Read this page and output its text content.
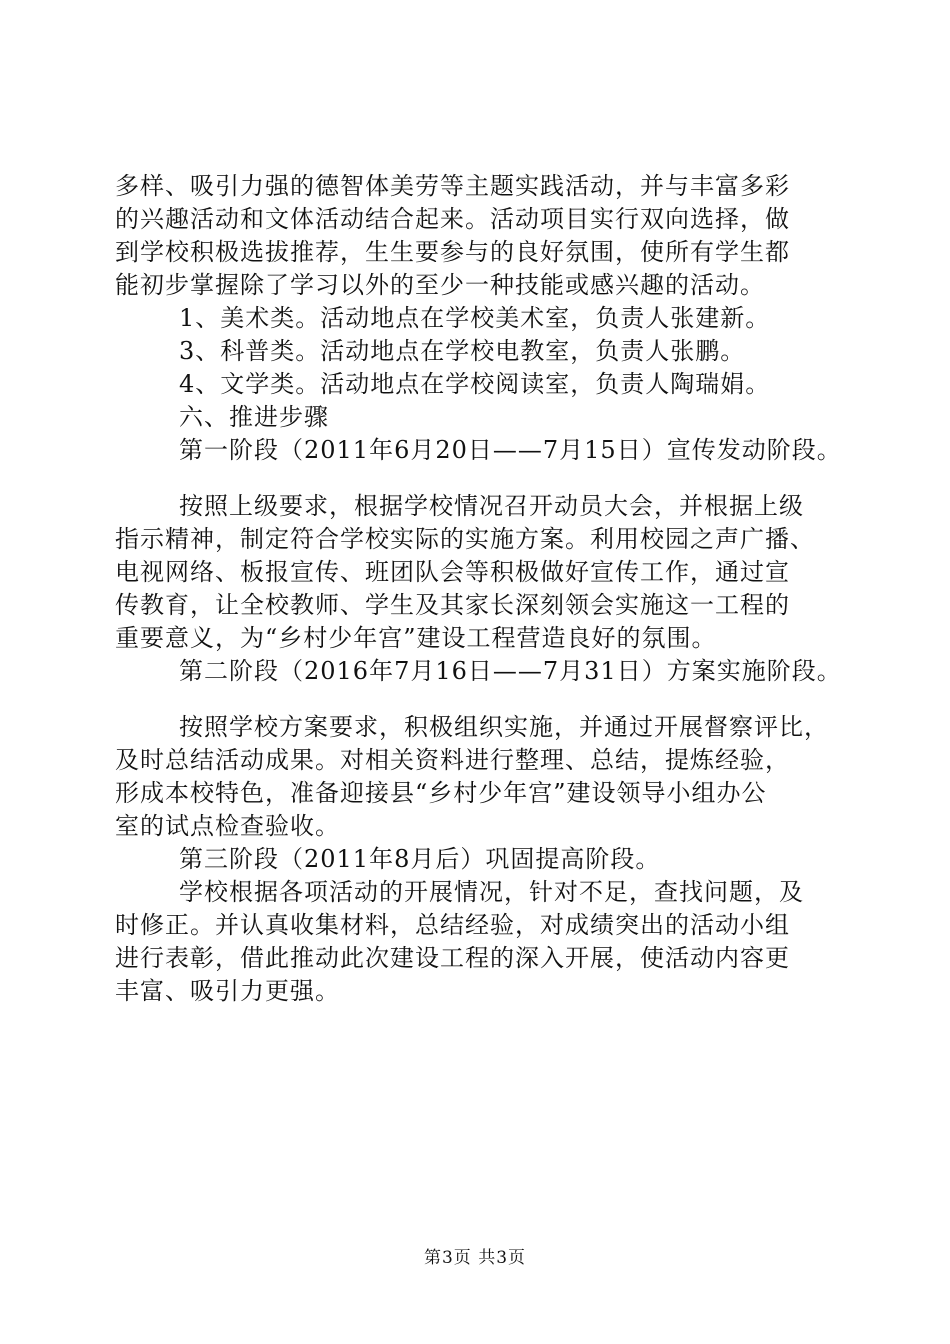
多样、吸引力强的德智体美劳等主题实践活动，并与丰富多彩
的兴趣活动和文体活动结合起来。活动项目实行双向选择，做
到学校积极选拔推荐，生生要参与的良好氛围，使所有学生都
能初步掌握除了学习以外的至少一种技能或感兴趣的活动。
1、美术类。活动地点在学校美术室，负责人张建新。
3、科普类。活动地点在学校电教室，负责人张鹏。
4、文学类。活动地点在学校阅读室，负责人陶瑞娟。
六、推进步骤
第一阶段（2011年6月20日——7月15日）宣传发动阶段。
按照上级要求，根据学校情况召开动员大会，并根据上级
指示精神，制定符合学校实际的实施方案。利用校园之声广播、
电视网络、板报宣传、班团队会等积极做好宣传工作，通过宣
传教育，让全校教师、学生及其家长深刻领会实施这一工程的
重要意义，为“乡村少年宫”建设工程营造良好的氛围。
第二阶段（2016年7月16日——7月31日）方案实施阶段。
按照学校方案要求，积极组织实施，并通过开展督察评比，
及时总结活动成果。对相关资料进行整理、总结，提炼经验，
形成本校特色，准备迎接县“乡村少年宫”建设领导小组办公
室的试点检查验收。
第三阶段（2011年8月后）巩固提高阶段。
学校根据各项活动的开展情况，针对不足，查找问题，及
时修正。并认真收集材料，总结经验，对成绩突出的活动小组
进行表彰，借此推动此次建设工程的深入开展，使活动内容更
丰富、吸引力更强。
第3页 共3页
